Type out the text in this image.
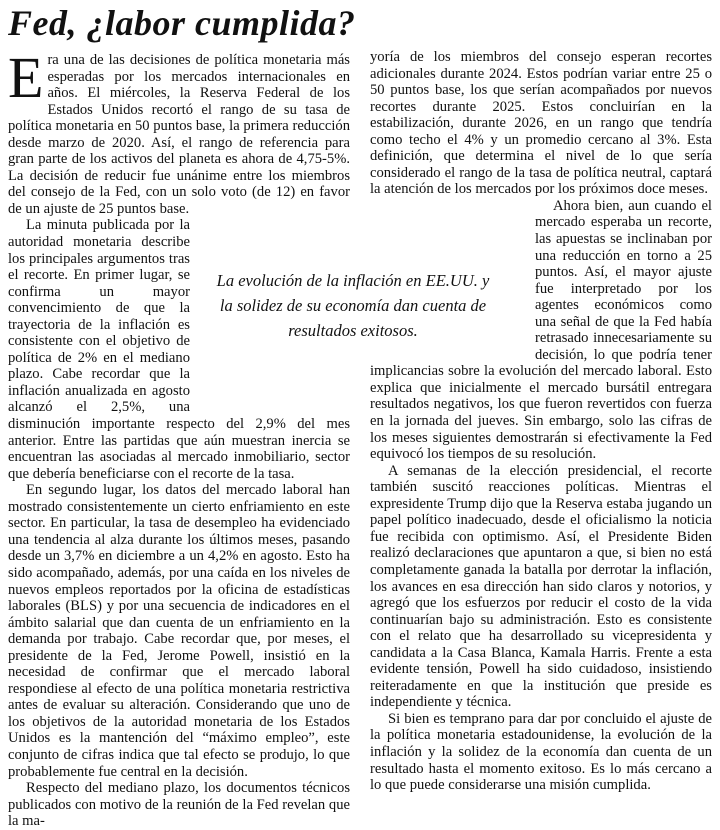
Fed, ¿labor cumplida?

Era una de las decisiones de política monetaria más esperadas por los mercados internacionales en años. El miércoles, la Reserva Federal de los Estados Unidos recortó el rango de su tasa de política monetaria en 50 puntos base, la primera reducción desde marzo de 2020. Así, el rango de referencia para gran parte de los activos del planeta es ahora de 4,75-5%. La decisión de reducir fue unánime entre los miembros del consejo de la Fed, con un solo voto (de 12) en favor de un ajuste de 25 puntos base.

La minuta publicada por la autoridad monetaria describe los principales argumentos tras el recorte. En primer lugar, se confirma un mayor convencimiento de que la trayectoria de la inflación es consistente con el objetivo de política de 2% en el mediano plazo. Cabe recordar que la inflación anualizada en agosto alcanzó el 2,5%, una disminución importante respecto del 2,9% del mes anterior. Entre las partidas que aún muestran inercia se encuentran las asociadas al mercado inmobiliario, sector que debería beneficiarse con el recorte de la tasa.

En segundo lugar, los datos del mercado laboral han mostrado consistentemente un cierto enfriamiento en este sector. En particular, la tasa de desempleo ha evidenciado una tendencia al alza durante los últimos meses, pasando desde un 3,7% en diciembre a un 4,2% en agosto. Esto ha sido acompañado, además, por una caída en los niveles de nuevos empleos reportados por la oficina de estadísticas laborales (BLS) y por una secuencia de indicadores en el ámbito salarial que dan cuenta de un enfriamiento en la demanda por trabajo. Cabe recordar que, por meses, el presidente de la Fed, Jerome Powell, insistió en la necesidad de confirmar que el mercado laboral respondiese al efecto de una política monetaria restrictiva antes de evaluar su alteración. Considerando que uno de los objetivos de la autoridad monetaria de los Estados Unidos es la mantención del “máximo empleo”, este conjunto de cifras indica que tal efecto se produjo, lo que probablemente fue central en la decisión.

Respecto del mediano plazo, los documentos técnicos publicados con motivo de la reunión de la Fed revelan que la ma-

yoría de los miembros del consejo esperan recortes adicionales durante 2024. Estos podrían variar entre 25 o 50 puntos base, los que serían acompañados por nuevos recortes durante 2025. Estos concluirían en la estabilización, durante 2026, en un rango que tendría como techo el 4% y un promedio cercano al 3%. Esta definición, que determina el nivel de lo que sería considerado el rango de la tasa de política neutral, captará la atención de los mercados por los próximos doce meses.

Ahora bien, aun cuando el mercado esperaba un recorte, las apuestas se inclinaban por una reducción en torno a 25 puntos. Así, el mayor ajuste fue interpretado por los agentes económicos como una señal de que la Fed había retrasado innecesariamente su decisión, lo que podría tener implicancias sobre la evolución del mercado laboral. Esto explica que inicialmente el mercado bursátil entregara resultados negativos, los que fueron revertidos con fuerza en la jornada del jueves. Sin embargo, solo las cifras de los meses siguientes demostrarán si efectivamente la Fed equivocó los tiempos de su resolución.

A semanas de la elección presidencial, el recorte también suscitó reacciones políticas. Mientras el expresidente Trump dijo que la Reserva estaba jugando un papel político inadecuado, desde el oficialismo la noticia fue recibida con optimismo. Así, el Presidente Biden realizó declaraciones que apuntaron a que, si bien no está completamente ganada la batalla por derrotar la inflación, los avances en esa dirección han sido claros y notorios, y agregó que los esfuerzos por reducir el costo de la vida continuarían bajo su administración. Esto es consistente con el relato que ha desarrollado su vicepresidenta y candidata a la Casa Blanca, Kamala Harris. Frente a esta evidente tensión, Powell ha sido cuidadoso, insistiendo reiteradamente en que la institución que preside es independiente y técnica.

Si bien es temprano para dar por concluido el ajuste de la política monetaria estadounidense, la evolución de la inflación y la solidez de la economía dan cuenta de un resultado hasta el momento exitoso. Es lo más cercano a lo que puede considerarse una misión cumplida.

La evolución de la inflación en EE.UU. y la solidez de su economía dan cuenta de resultados exitosos.
